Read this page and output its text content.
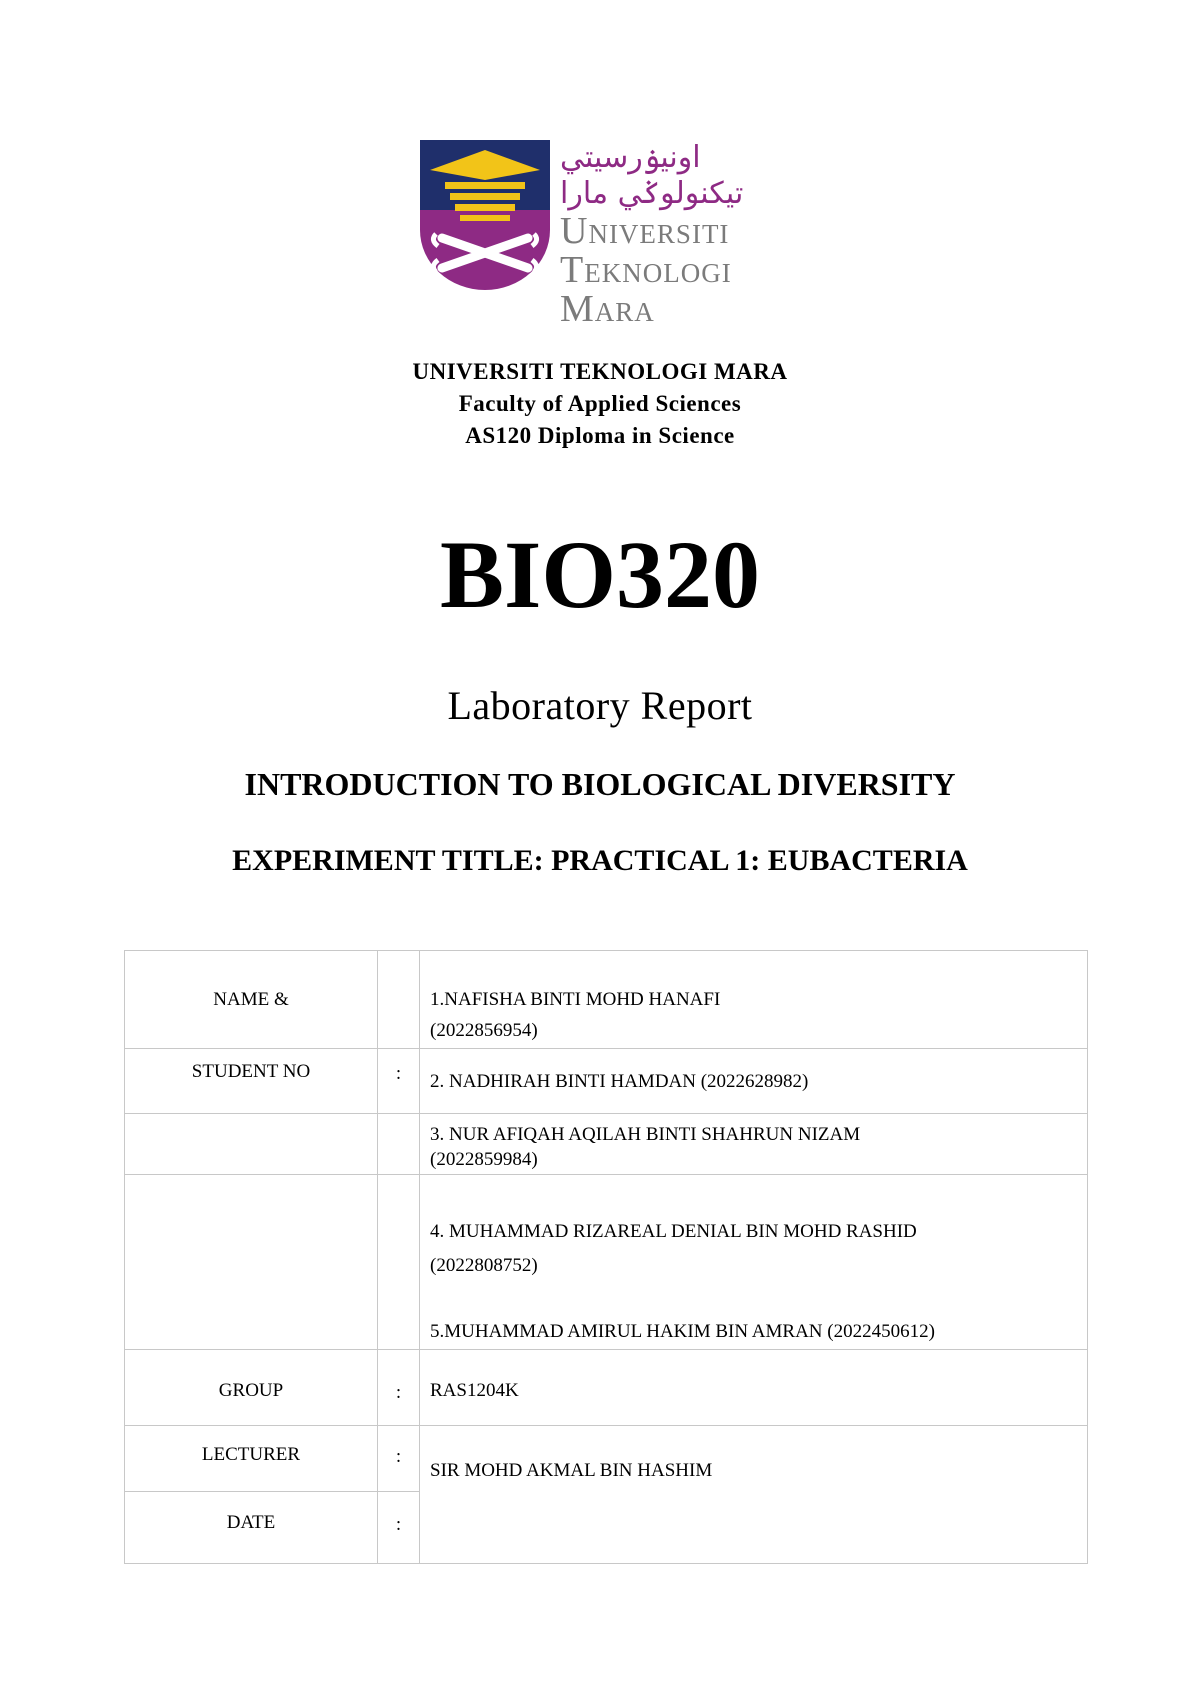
اونيۏرسيتي تيكنولوݢي مارا
Universiti
Teknologi
Mara
UNIVERSITI TEKNOLOGI MARA
Faculty of Applied Sciences
AS120 Diploma in Science
BIO320
Laboratory Report
INTRODUCTION TO BIOLOGICAL DIVERSITY
EXPERIMENT TITLE: PRACTICAL 1: EUBACTERIA

NAME &		1.NAFISHA BINTI MOHD HANAFI

(2022856954)

STUDENT NO	:	2. NADHIRAH BINTI HAMDAN (2022628982)

		3. NUR AFIQAH AQILAH BINTI SHAHRUN NIZAM

(2022859984)

		4. MUHAMMAD RIZAREAL DENIAL BIN MOHD RASHID

(2022808752)

5.MUHAMMAD AMIRUL HAKIM BIN AMRAN (2022450612)

GROUP	:	RAS1204K

LECTURER	:	SIR MOHD AKMAL BIN HASHIM

DATE	:	
